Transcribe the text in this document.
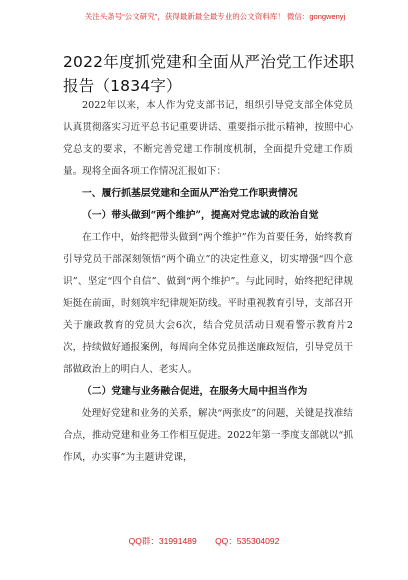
关注头条号“公文研究”，获得最新最全最专业的公文资料库！ 微信：gongwenyj
2022年度抓党建和全面从严治党工作述职
报告（1834字）

2022年以来，本人作为党支部书记，组织引导党支部全体党员认真贯彻落实习近平总书记重要讲话、重要指示批示精神，按照中心党总支的要求，不断完善党建工作制度机制，全面提升党建工作质量。现将全面各项工作情况汇报如下：

一、履行抓基层党建和全面从严治党工作职责情况

（一）带头做到“两个维护”，提高对党忠诚的政治自觉

在工作中，始终把带头做到“两个维护”作为首要任务，始终教育引导党员干部深刻领悟“两个确立”的决定性意义，切实增强“四个意识”、坚定“四个自信”、做到“两个维护”。与此同时，始终把纪律规矩挺在前面，时刻筑牢纪律规矩防线。平时重视教育引导，支部召开关于廉政教育的党员大会6次，结合党员活动日观看警示教育片2次，持续做好通报案例，每周向全体党员推送廉政短信，引导党员干部做政治上的明白人、老实人。

（二）党建与业务融合促进，在服务大局中担当作为

处理好党建和业务的关系，解决“两张皮”的问题，关键是找准结合点，推动党建和业务工作相互促进。2022年第一季度支部就以“抓作风，办实事”为主题讲党课，

QQ群：31991489 QQ：535304092
